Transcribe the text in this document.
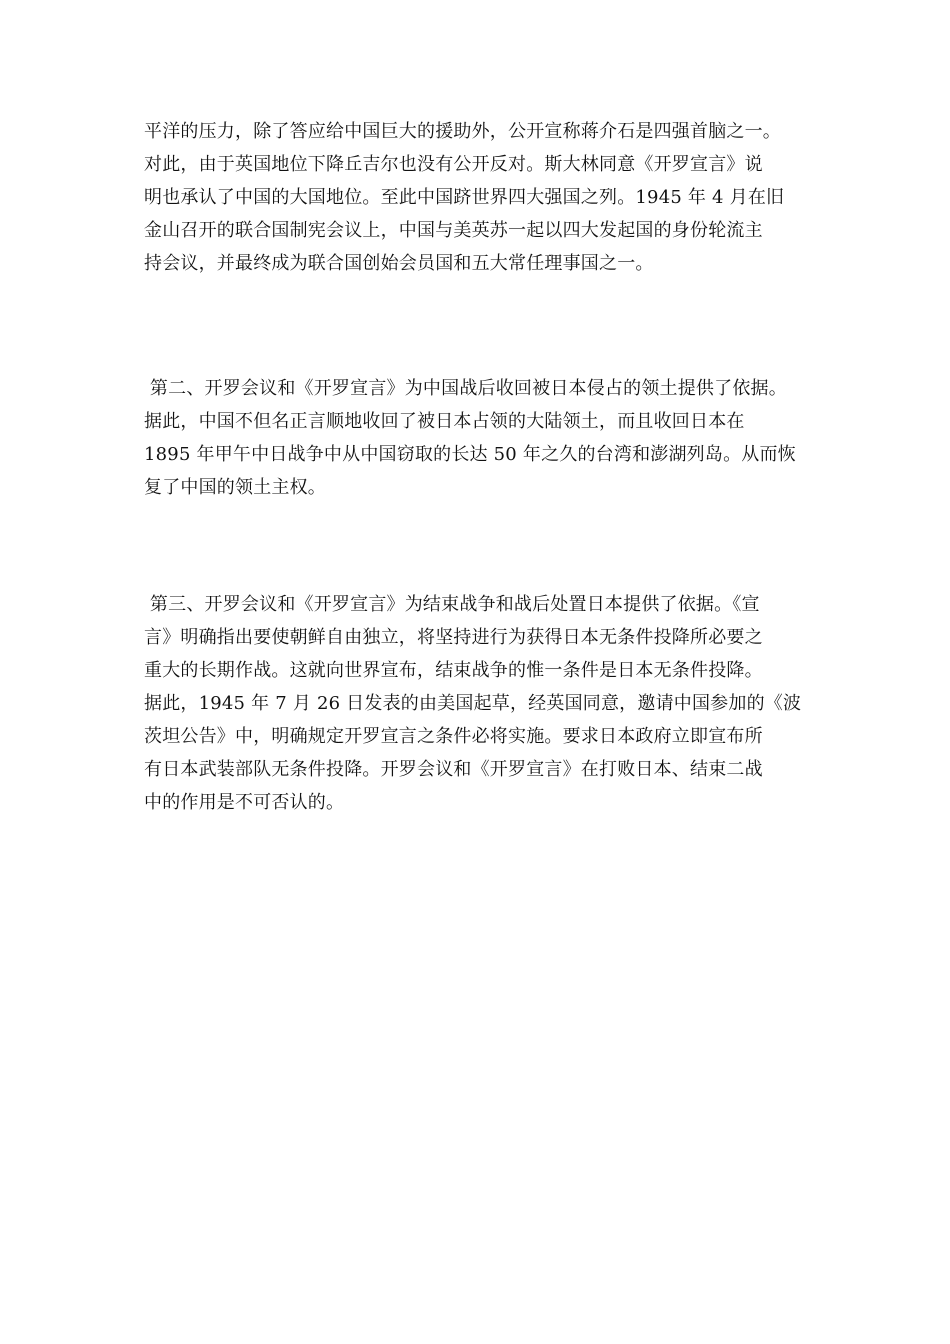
平洋的压力，除了答应给中国巨大的援助外，公开宣称蒋介石是四强首脑之一。
对此，由于英国地位下降丘吉尔也没有公开反对。斯大林同意《开罗宣言》说
明也承认了中国的大国地位。至此中国跻世界四大强国之列。1945 年 4 月在旧
金山召开的联合国制宪会议上，中国与美英苏一起以四大发起国的身份轮流主
持会议，并最终成为联合国创始会员国和五大常任理事国之一。
第二、开罗会议和《开罗宣言》为中国战后收回被日本侵占的领土提供了依据。
据此，中国不但名正言顺地收回了被日本占领的大陆领土，而且收回日本在
1895 年甲午中日战争中从中国窃取的长达 50 年之久的台湾和澎湖列岛。从而恢
复了中国的领土主权。
第三、开罗会议和《开罗宣言》为结束战争和战后处置日本提供了依据。《宣
言》明确指出要使朝鲜自由独立，将坚持进行为获得日本无条件投降所必要之
重大的长期作战。这就向世界宣布，结束战争的惟一条件是日本无条件投降。
据此，1945 年 7 月 26 日发表的由美国起草，经英国同意，邀请中国参加的《波
茨坦公告》中，明确规定开罗宣言之条件必将实施。要求日本政府立即宣布所
有日本武装部队无条件投降。开罗会议和《开罗宣言》在打败日本、结束二战
中的作用是不可否认的。
